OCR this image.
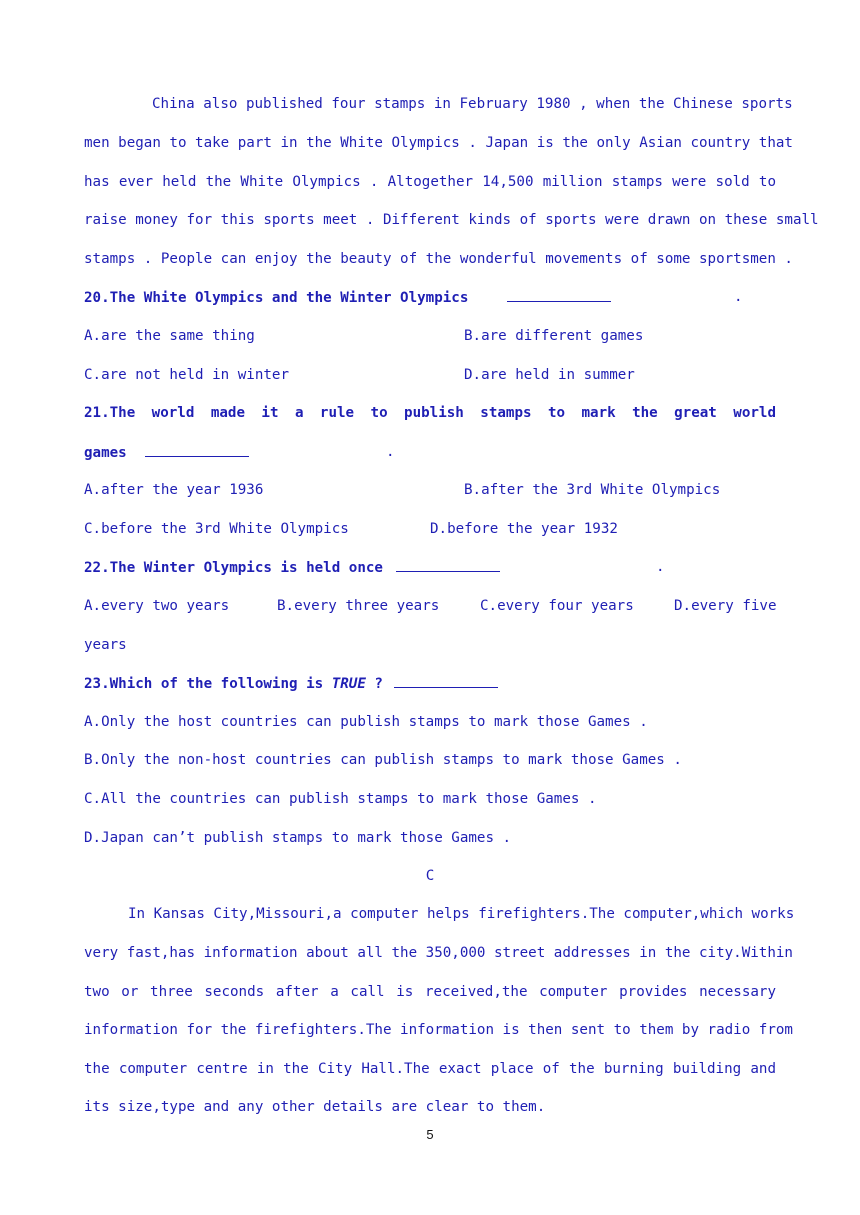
China also published four stamps in February 1980 , when the Chinese sports
men began to take part in the White Olympics . Japan is the only Asian country that
has ever held the White Olympics . Altogether 14,500 million stamps were sold to
raise money for this sports meet . Different kinds of sports were drawn on these small
stamps . People can enjoy the beauty of the wonderful movements of some sportsmen .
20.The White Olympics and the Winter Olympics	.
A.are the same thing	B.are different games
C.are not held in winter	D.are held in summer
21.The world made it a rule to publish stamps to mark the great world
games	.
A.after the year 1936	B.after the 3rd White Olympics
C.before the 3rd White Olympics	D.before the year 1932
22.The Winter Olympics is held once	.
A.every two years	B.every three years	C.every four years	D.every five
years
23.Which of the following is TRUE ?
A.Only the host countries can publish stamps to mark those Games .
B.Only the non-host countries can publish stamps to mark those Games .
C.All the countries can publish stamps to mark those Games .
D.Japan can’t publish stamps to mark those Games .
C
In Kansas City,Missouri,a computer helps firefighters.The computer,which works
very fast,has information about all the 350,000 street addresses in the city.Within
two or three seconds after a call is received,the computer provides necessary
information for the firefighters.The information is then sent to them by radio from
the computer centre in the City Hall.The exact place of the burning building and
its size,type and any other details are clear to them.
5
